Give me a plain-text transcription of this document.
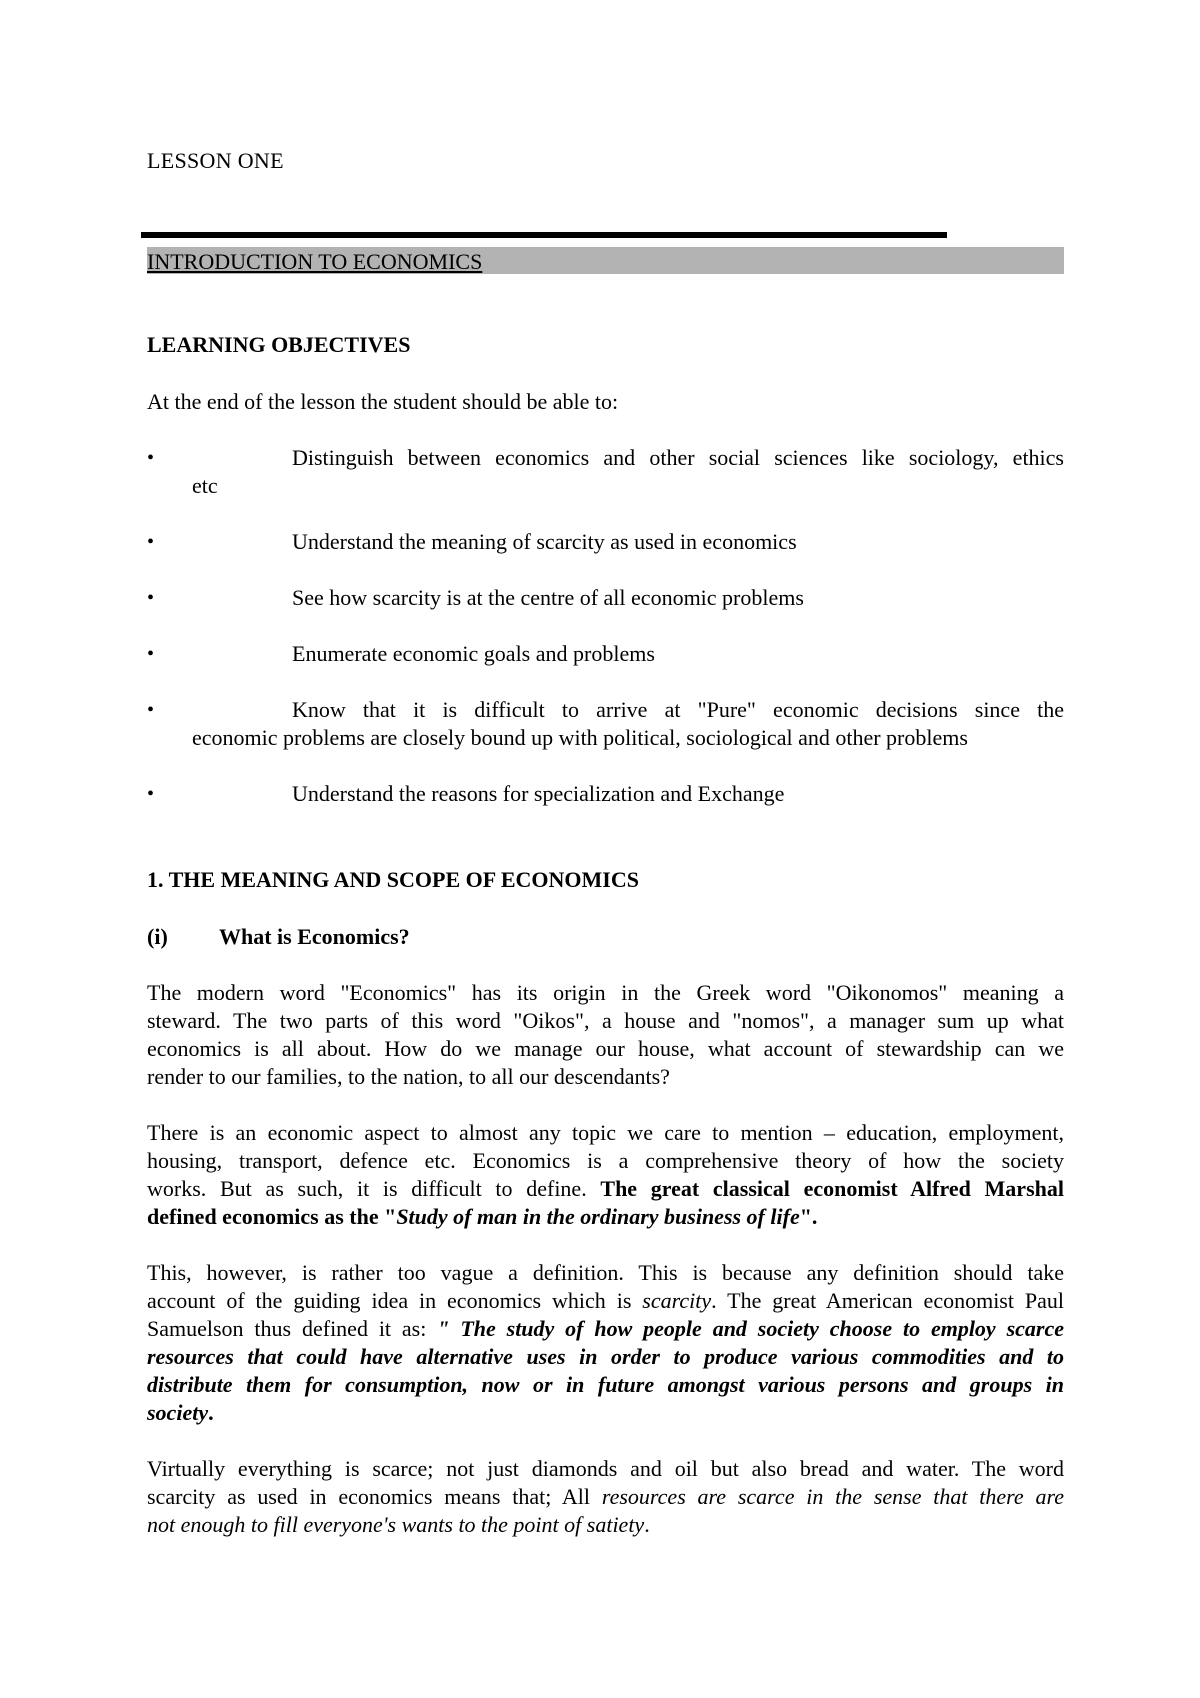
LESSON ONE
INTRODUCTION TO ECONOMICS
LEARNING OBJECTIVES
At the end of the lesson the student should be able to:
•	Distinguish between economics and other social sciences like sociology, ethics
etc
•	Understand the meaning of scarcity as used in economics
•	See how scarcity is at the centre of all economic problems
•	Enumerate economic goals and problems
•	Know that it is difficult to arrive at "Pure" economic decisions since the
economic problems are closely bound up with political, sociological and other problems
•	Understand the reasons for specialization and Exchange
1. THE MEANING AND SCOPE OF ECONOMICS
(i) What is Economics?
The modern word "Economics" has its origin in the Greek word "Oikonomos" meaning a
steward. The two parts of this word "Oikos", a house and "nomos", a manager sum up what
economics is all about. How do we manage our house, what account of stewardship can we
render to our families, to the nation, to all our descendants?
There is an economic aspect to almost any topic we care to mention – education, employment,
housing, transport, defence etc. Economics is a comprehensive theory of how the society
works. But as such, it is difficult to define. The great classical economist Alfred Marshal
defined economics as the "Study of man in the ordinary business of life".
This, however, is rather too vague a definition. This is because any definition should take
account of the guiding idea in economics which is scarcity. The great American economist Paul
Samuelson thus defined it as: " The study of how people and society choose to employ scarce
resources that could have alternative uses in order to produce various commodities and to
distribute them for consumption, now or in future amongst various persons and groups in
society.
Virtually everything is scarce; not just diamonds and oil but also bread and water. The word
scarcity as used in economics means that; All resources are scarce in the sense that there are
not enough to fill everyone's wants to the point of satiety.
